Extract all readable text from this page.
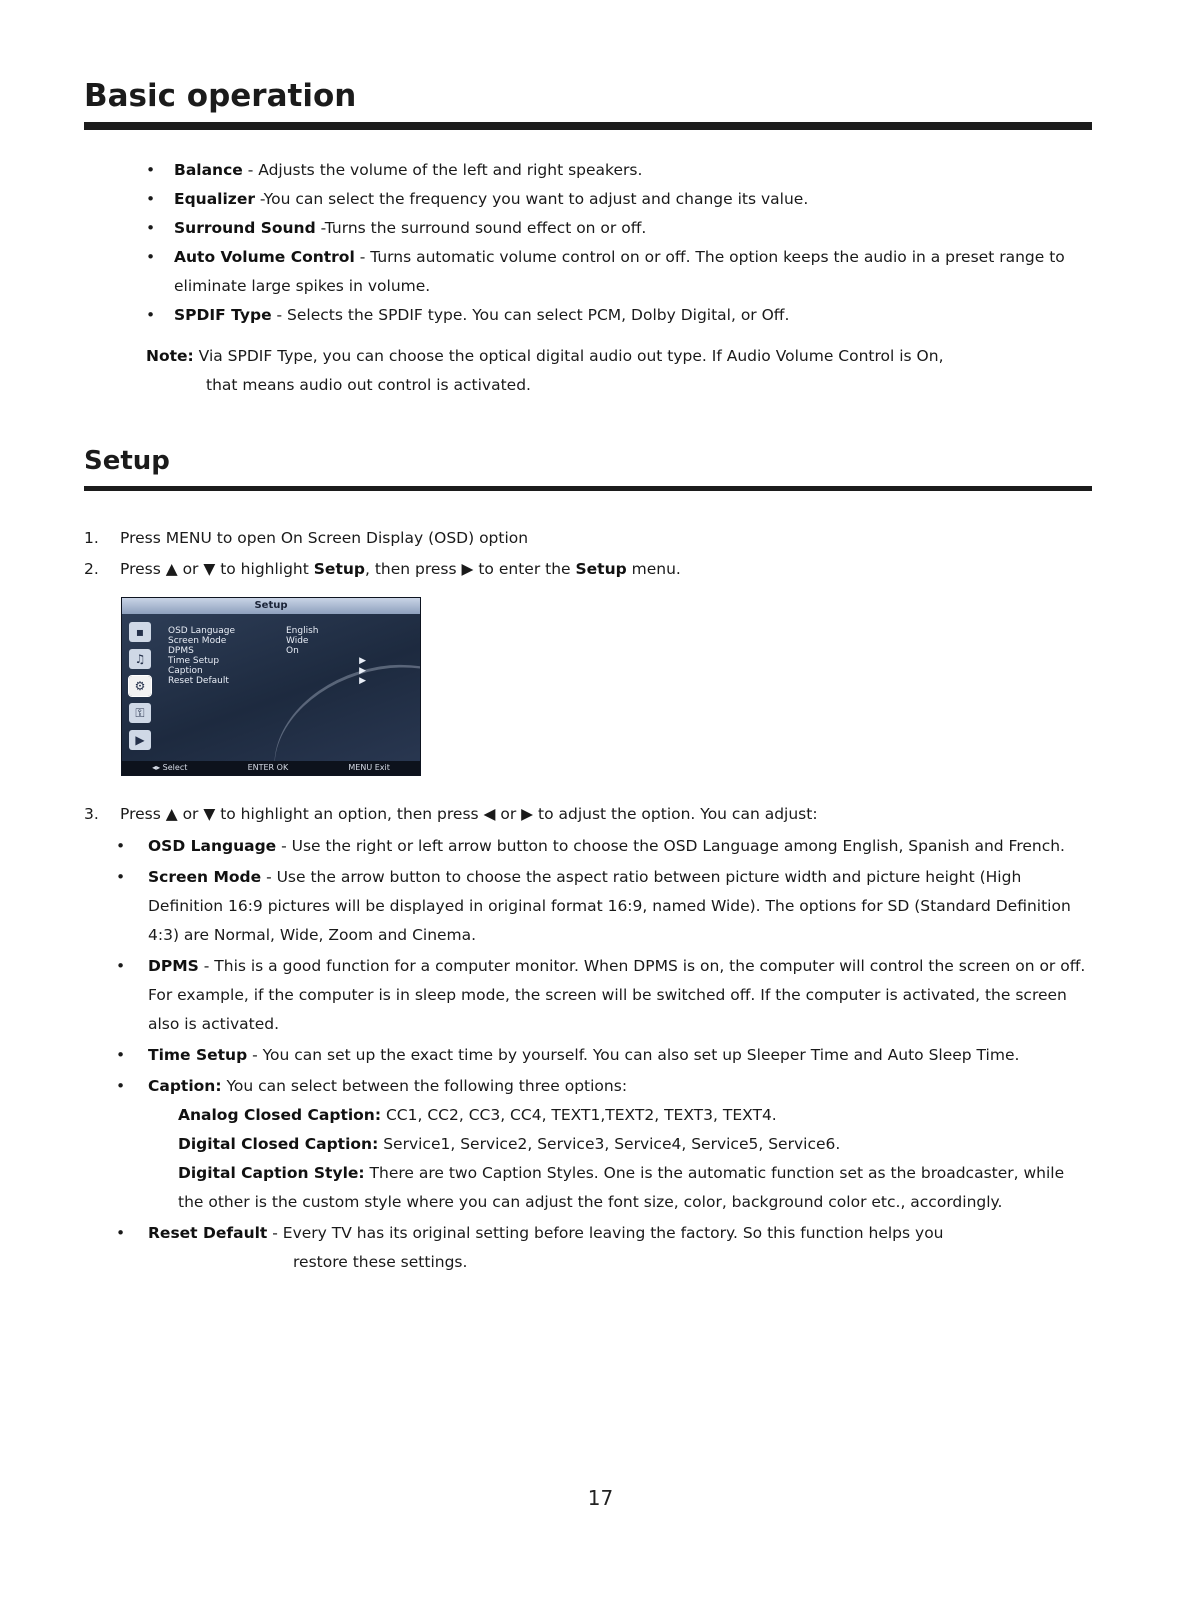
Basic operation
• Balance - Adjusts the volume of the left and right speakers.
• Equalizer -You can select the frequency you want to adjust and change its value.
• Surround Sound -Turns the surround sound effect on or off.
• Auto Volume Control - Turns automatic volume control on or off. The option keeps the audio in a preset range to eliminate large spikes in volume.
• SPDIF Type - Selects the SPDIF type. You can select PCM, Dolby Digital, or Off.
Note: Via SPDIF Type, you can choose the optical digital audio out type. If Audio Volume Control is On,
that means audio out control is activated.
Setup
1. Press MENU to open On Screen Display (OSD) option
2. Press ▲ or ▼ to highlight Setup, then press ▶ to enter the Setup menu.
Setup
▪
♫
⚙
⚿
▶
OSD Language	English
Screen Mode	Wide
DPMS	On
Time Setup	▶
Caption	▶
Reset Default	▶
◂▸ Select	ENTER OK	MENU Exit
3. Press ▲ or ▼ to highlight an option, then press ◀ or ▶ to adjust the option. You can adjust:
• OSD Language - Use the right or left arrow button to choose the OSD Language among English, Spanish and French.
• Screen Mode - Use the arrow button to choose the aspect ratio between picture width and picture height (High Definition 16:9 pictures will be displayed in original format 16:9, named Wide). The options for SD (Standard Definition 4:3) are Normal, Wide, Zoom and Cinema.
• DPMS - This is a good function for a computer monitor. When DPMS is on, the computer will control the screen on or off. For example, if the computer is in sleep mode, the screen will be switched off. If the computer is activated, the screen also is activated.
• Time Setup - You can set up the exact time by yourself. You can also set up Sleeper Time and Auto Sleep Time.
• Caption: You can select between the following three options:
Analog Closed Caption: CC1, CC2, CC3, CC4, TEXT1,TEXT2, TEXT3, TEXT4.
Digital Closed Caption: Service1, Service2, Service3, Service4, Service5, Service6.
Digital Caption Style: There are two Caption Styles. One is the automatic function set as the broadcaster, while the other is the custom style where you can adjust the font size, color, background color etc., accordingly.
• Reset Default - Every TV has its original setting before leaving the factory. So this function helps you
restore these settings.
17
